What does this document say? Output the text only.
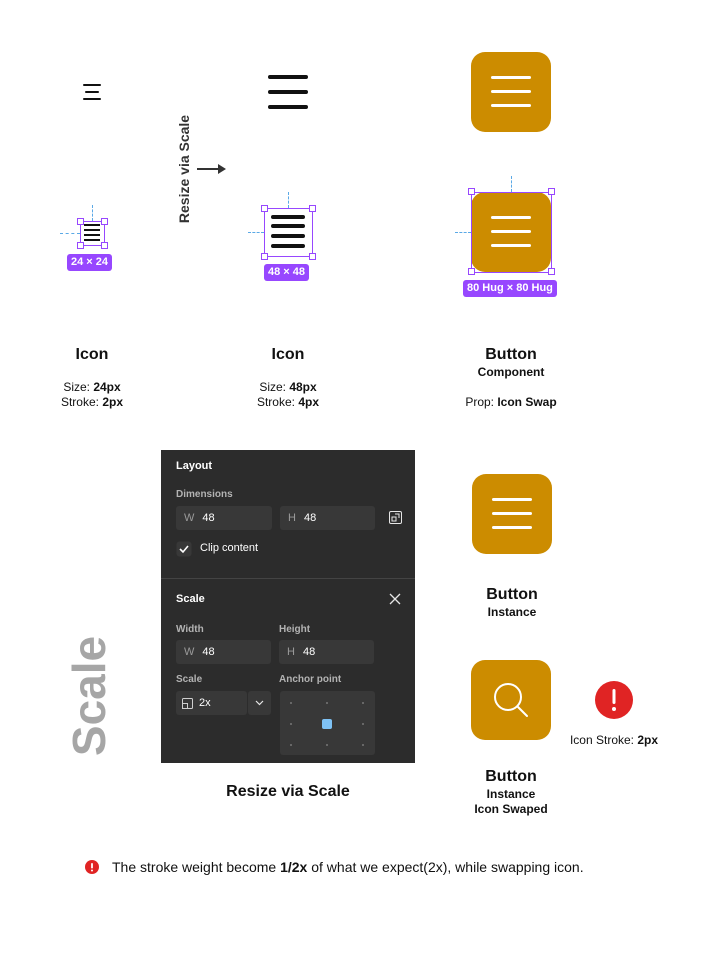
24 × 24
Icon
Size: 24px
Stroke: 2px
Resize via Scale
48 × 48
Icon
Size: 48px
Stroke: 4px
80 Hug × 80 Hug
Button
Component
Prop: Icon Swap
Scale
Layout
Dimensions
W 48	H 48
Clip content
Scale
Width	Height
W 48	H 48
Scale	Anchor point
2x
Resize via Scale
Button
Instance
Button
Instance
Icon Swaped
Icon Stroke: 2px
The stroke weight become 1/2x of what we expect(2x), while swapping icon.
